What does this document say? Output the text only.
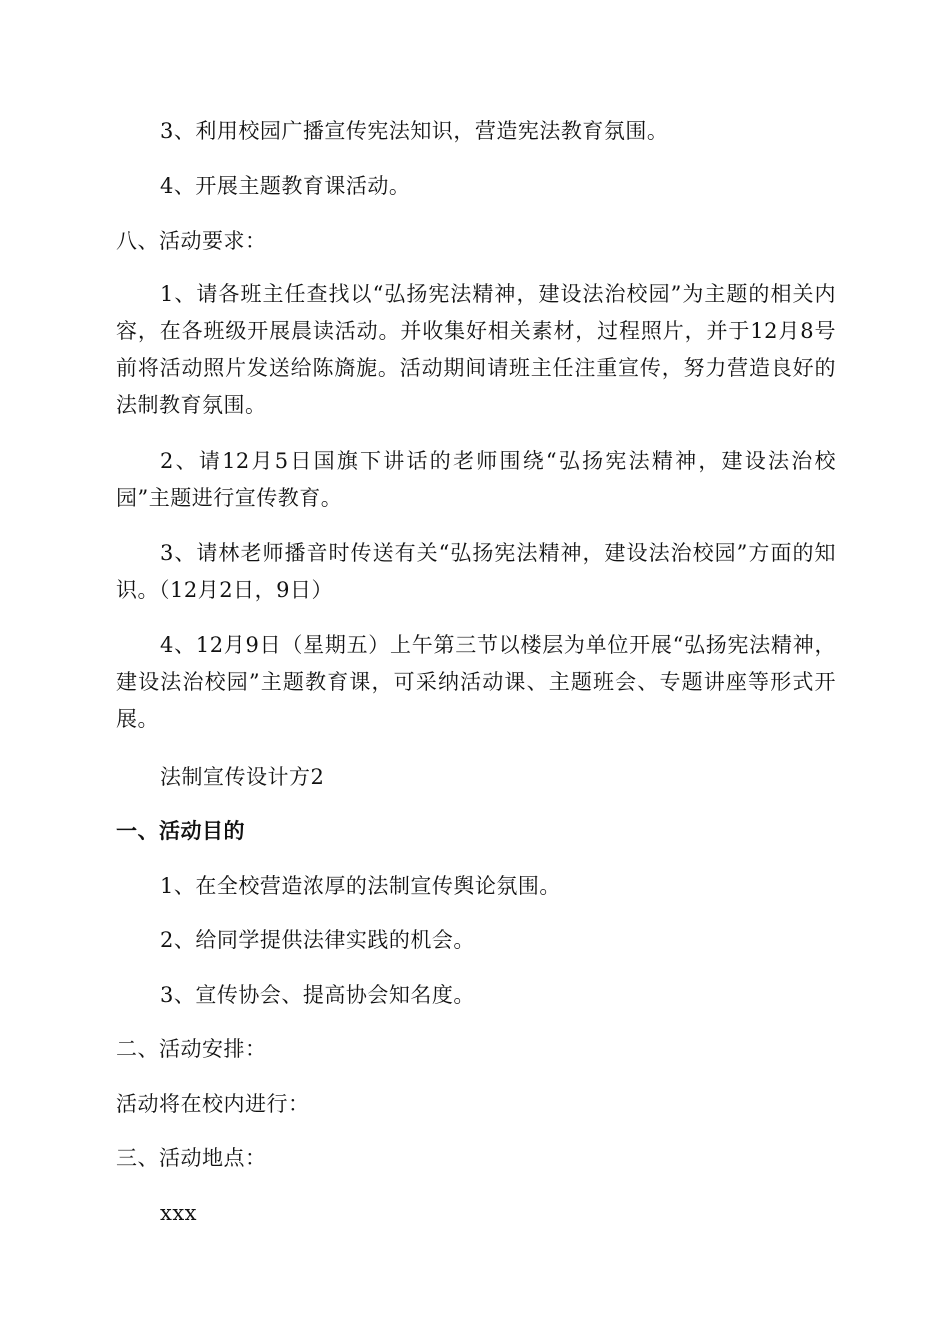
3、利用校园广播宣传宪法知识，营造宪法教育氛围。
4、开展主题教育课活动。
八、活动要求：
1、请各班主任查找以“弘扬宪法精神，建设法治校园”为主题的相关内容，在各班级开展晨读活动。并收集好相关素材，过程照片，并于12月8号前将活动照片发送给陈旖旎。活动期间请班主任注重宣传，努力营造良好的法制教育氛围。
2、请12月5日国旗下讲话的老师围绕“弘扬宪法精神，建设法治校园”主题进行宣传教育。
3、请林老师播音时传送有关“弘扬宪法精神，建设法治校园”方面的知识。（12月2日，9日）
4、12月9日（星期五）上午第三节以楼层为单位开展“弘扬宪法精神，建设法治校园”主题教育课，可采纳活动课、主题班会、专题讲座等形式开展。
法制宣传设计方2
一、活动目的
1、在全校营造浓厚的法制宣传舆论氛围。
2、给同学提供法律实践的机会。
3、宣传协会、提高协会知名度。
二、活动安排：
活动将在校内进行：
三、活动地点：
xxx
